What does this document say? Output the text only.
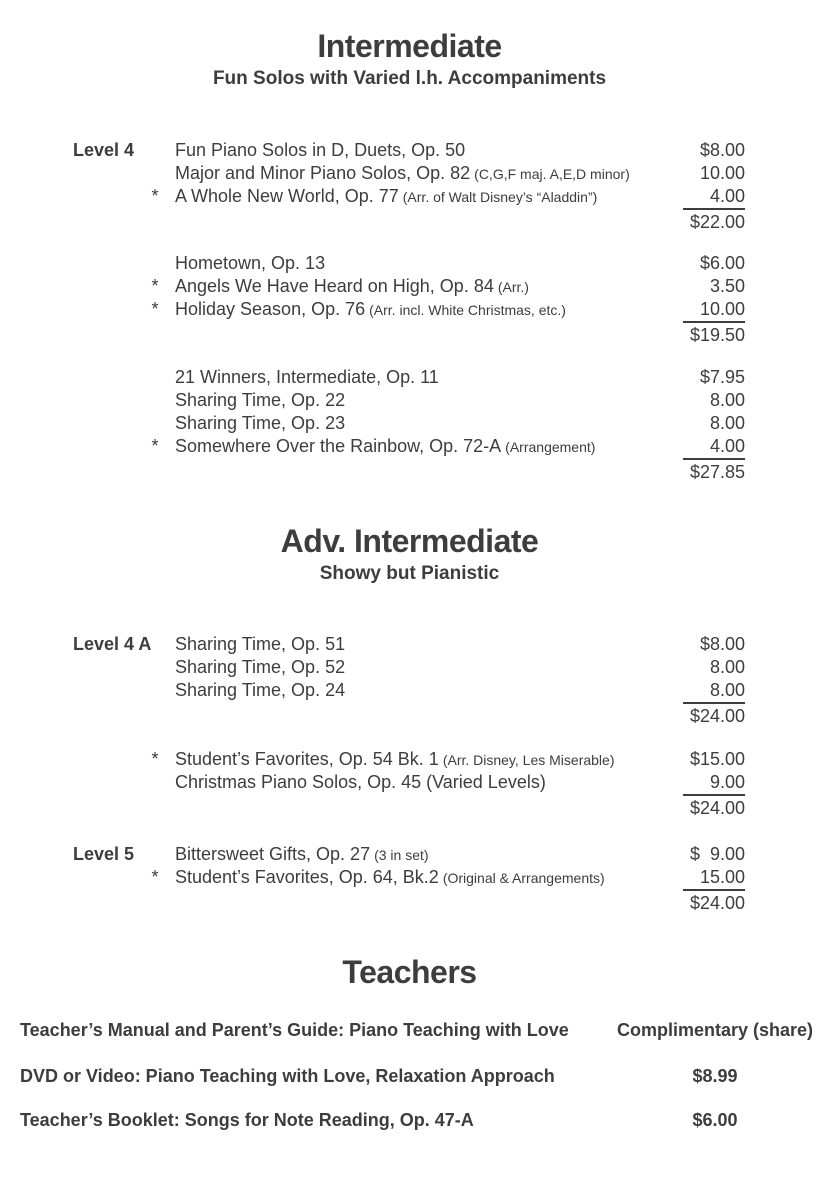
Intermediate
Fun Solos with Varied l.h. Accompaniments
Adv. Intermediate
Showy but Pianistic
Level 4 Fun Piano Solos in D, Duets, Op. 50	$8.00
Major and Minor Piano Solos, Op. 82 (C,G,F maj. A,E,D minor)	10.00
* A Whole New World, Op. 77 (Arr. of Walt Disney’s “Aladdin”)	4.00
$22.00
Hometown, Op. 13	$6.00
* Angels We Have Heard on High, Op. 84 (Arr.)	3.50
* Holiday Season, Op. 76 (Arr. incl. White Christmas, etc.)	10.00
$19.50
21 Winners, Intermediate, Op. 11	$7.95
Sharing Time, Op. 22	8.00
Sharing Time, Op. 23	8.00
* Somewhere Over the Rainbow, Op. 72-A (Arrangement)	4.00
$27.85
Level 4 A Sharing Time, Op. 51	$8.00
Sharing Time, Op. 52	8.00
Sharing Time, Op. 24	8.00
$24.00
* Student’s Favorites, Op. 54 Bk. 1 (Arr. Disney, Les Miserable)	$15.00
Christmas Piano Solos, Op. 45 (Varied Levels)	9.00
$24.00
Level 5 Bittersweet Gifts, Op. 27 (3 in set)	$  9.00
* Student’s Favorites, Op. 64, Bk.2 (Original & Arrangements)	15.00
$24.00
Teachers
Teacher’s Manual and Parent’s Guide: Piano Teaching with Love	Complimentary (share)
DVD or Video: Piano Teaching with Love, Relaxation Approach	$8.99
Teacher’s Booklet: Songs for Note Reading, Op. 47-A	$6.00
